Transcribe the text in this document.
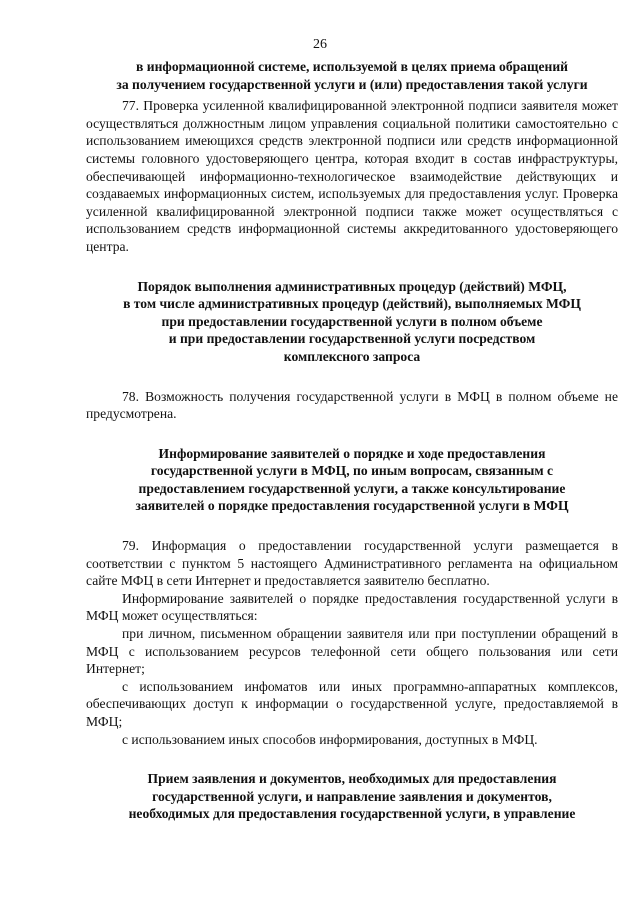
26
в информационной системе, используемой в целях приема обращений
за получением государственной услуги и (или) предоставления такой услуги

77. Проверка усиленной квалифицированной электронной подписи заявителя может осуществляться должностным лицом управления социальной политики самостоятельно с использованием имеющихся средств электронной подписи или средств информационной системы головного удостоверяющего центра, которая входит в состав инфраструктуры, обеспечивающей информационно-технологическое взаимодействие действующих и создаваемых информационных систем, используемых для предоставления услуг. Проверка усиленной квалифицированной электронной подписи также может осуществляться с использованием средств информационной системы аккредитованного удостоверяющего центра.

Порядок выполнения административных процедур (действий) МФЦ,
в том числе административных процедур (действий), выполняемых МФЦ
при предоставлении государственной услуги в полном объеме
и при предоставлении государственной услуги посредством
комплексного запроса

78. Возможность получения государственной услуги в МФЦ в полном объеме не предусмотрена.

Информирование заявителей о порядке и ходе предоставления
государственной услуги в МФЦ, по иным вопросам, связанным с
предоставлением государственной услуги, а также консультирование
заявителей о порядке предоставления государственной услуги в МФЦ

79. Информация о предоставлении государственной услуги размещается в соответствии с пунктом 5 настоящего Административного регламента на официальном сайте МФЦ в сети Интернет и предоставляется заявителю бесплатно.

Информирование заявителей о порядке предоставления государственной услуги в МФЦ может осуществляться:

при личном, письменном обращении заявителя или при поступлении обращений в МФЦ с использованием ресурсов телефонной сети общего пользования или сети Интернет;

с использованием инфоматов или иных программно-аппаратных комплексов, обеспечивающих доступ к информации о государственной услуге, предоставляемой в МФЦ;

с использованием иных способов информирования, доступных в МФЦ.

Прием заявления и документов, необходимых для предоставления
государственной услуги, и направление заявления и документов,
необходимых для предоставления государственной услуги, в управление
